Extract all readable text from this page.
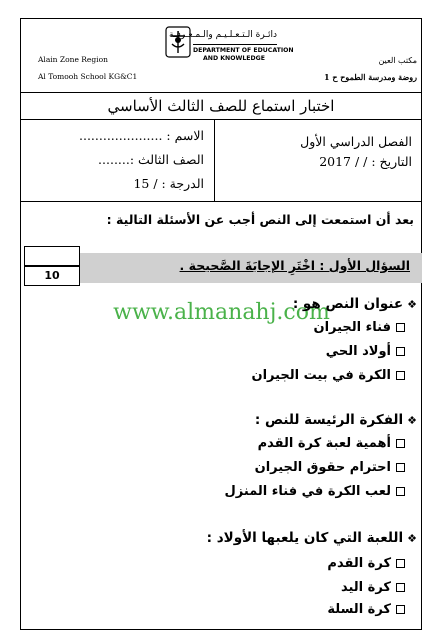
Alain Zone Region
Al Tomooh School KG&C1
مكتب العين
روضة ومدرسة الطموح ح 1
دائـرة الـتـعـلـيـم والـمـعـرفـة
DEPARTMENT OF EDUCATION
AND KNOWLEDGE
اختبار استماع للصف الثالث الأساسي
الاسم : .....................
الصف الثالث :........
الدرجة : / 15
الفصل الدراسي الأول
التاريخ : / / 2017
بعد أن استمعت إلى النص أجب عن الأسئلة التالية :
10
السؤال الأول : اخْتَرِ الإجابَةَ الصَّحيحة .
www.almanahj.com	❖عنوان النص هو :
فناء الجيران
أولاد الحي
الكرة في بيت الجيران
❖الفكرة الرئيسة للنص :
أهمية لعبة كرة القدم
احترام حقوق الجيران
لعب الكرة في فناء المنزل
❖اللعبة التي كان يلعبها الأولاد :
كرة القدم
كرة اليد
كرة السلة
